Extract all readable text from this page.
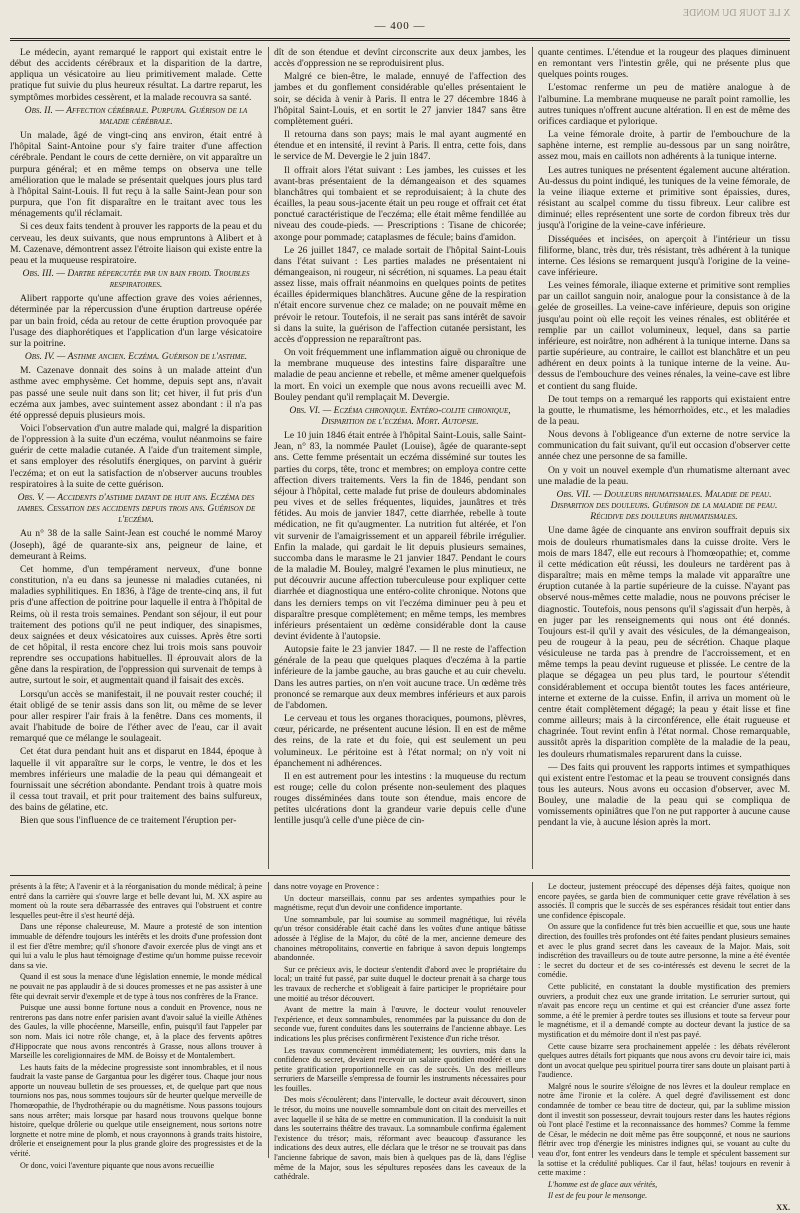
X LE TOUR DU MONDE
— 400 —

Le médecin, ayant remarqué le rapport qui existait entre le début des accidents cérébraux et la disparition de la dartre, appliqua un vésicatoire au lieu primitivement malade. Cette pratique fut suivie du plus heureux résultat. La dartre reparut, les symptômes morbides cessèrent, et la malade recouvra sa santé.

Obs. II. — Affection cérébrale. Purpura. Guérison de la maladie cérébrale.

Un malade, âgé de vingt-cinq ans environ, était entré à l'hôpital Saint-Antoine pour s'y faire traiter d'une affection cérébrale. Pendant le cours de cette dernière, on vit apparaître un purpura général; et en même temps on observa une telle amélioration que le malade se présentait quelques jours plus tard à l'hôpital Saint-Louis. Il fut reçu à la salle Saint-Jean pour son purpura, que l'on fit disparaître en le traitant avec tous les ménagements qu'il réclamait.

Si ces deux faits tendent à prouver les rapports de la peau et du cerveau, les deux suivants, que nous empruntons à Alibert et à M. Cazenave, démontrent assez l'étroite liaison qui existe entre la peau et la muqueuse respiratoire.

Obs. III. — Dartre répercutée par un bain froid. Troubles respiratoires.

Alibert rapporte qu'une affection grave des voies aériennes, déterminée par la répercussion d'une éruption dartreuse opérée par un bain froid, céda au retour de cette éruption provoquée par l'usage des diaphorétiques et l'application d'un large vésicatoire sur la poitrine.

Obs. IV. — Asthme ancien. Eczéma. Guérison de l'asthme.

M. Cazenave donnait des soins à un malade atteint d'un asthme avec emphysème. Cet homme, depuis sept ans, n'avait pas passé une seule nuit dans son lit; cet hiver, il fut pris d'un eczéma aux jambes, avec suintement assez abondant : il n'a pas été oppressé depuis plusieurs mois.

Voici l'observation d'un autre malade qui, malgré la disparition de l'oppression à la suite d'un eczéma, voulut néanmoins se faire guérir de cette maladie cutanée. A l'aide d'un traitement simple, et sans employer des résolutifs énergiques, on parvint à guérir l'eczéma; et on eut la satisfaction de n'observer aucuns troubles respiratoires à la suite de cette guérison.

Obs. V. — Accidents d'asthme datant de huit ans. Eczéma des jambes. Cessation des accidents depuis trois ans. Guérison de l'eczéma.

Au n° 38 de la salle Saint-Jean est couché le nommé Maroy (Joseph), âgé de quarante-six ans, peigneur de laine, et demeurant à Reims.

Cet homme, d'un tempérament nerveux, d'une bonne constitution, n'a eu dans sa jeunesse ni maladies cutanées, ni maladies syphilitiques. En 1836, à l'âge de trente-cinq ans, il fut pris d'une affection de poitrine pour laquelle il entra à l'hôpital de Reims, où il resta trois semaines. Pendant son séjour, il eut pour traitement des potions qu'il ne peut indiquer, des sinapismes, deux saignées et deux vésicatoires aux cuisses. Après être sorti de cet hôpital, il resta encore chez lui trois mois sans pouvoir reprendre ses occupations habituelles. Il éprouvait alors de la gêne dans la respiration, de l'oppression qui survenait de temps à autre, surtout le soir, et augmentait quand il faisait des excès.

Lorsqu'un accès se manifestait, il ne pouvait rester couché; il était obligé de se tenir assis dans son lit, ou même de se lever pour aller respirer l'air frais à la fenêtre. Dans ces moments, il avait l'habitude de boire de l'éther avec de l'eau, car il avait remarqué que ce mélange le soulageait.

Cet état dura pendant huit ans et disparut en 1844, époque à laquelle il vit apparaître sur le corps, le ventre, le dos et les membres inférieurs une maladie de la peau qui démangeait et fournissait une sécrétion abondante. Pendant trois à quatre mois il cessa tout travail, et prit pour traitement des bains sulfureux, des bains de gélatine, etc.

Bien que sous l'influence de ce traitement l'éruption per-

dît de son étendue et devînt circonscrite aux deux jambes, les accès d'oppression ne se reproduisirent plus.

Malgré ce bien-être, le malade, ennuyé de l'affection des jambes et du gonflement considérable qu'elles présentaient le soir, se décida à venir à Paris. Il entra le 27 décembre 1846 à l'hôpital Saint-Louis, et en sortit le 27 janvier 1847 sans être complètement guéri.

Il retourna dans son pays; mais le mal ayant augmenté en étendue et en intensité, il revint à Paris. Il entra, cette fois, dans le service de M. Devergie le 2 juin 1847.

Il offrait alors l'état suivant : Les jambes, les cuisses et les avant-bras présentaient de la démangeaison et des squames blanchâtres qui tombaient et se reproduisaient; à la chute des écailles, la peau sous-jacente était un peu rouge et offrait cet état ponctué caractéristique de l'eczéma; elle était même fendillée au niveau des coude-pieds. — Prescriptions : Tisane de chicorée; axonge pour pommade; cataplasmes de fécule; bains d'amidon.

Le 26 juillet 1847, ce malade sortait de l'hôpital Saint-Louis dans l'état suivant : Les parties malades ne présentaient ni démangeaison, ni rougeur, ni sécrétion, ni squames. La peau était assez lisse, mais offrait néanmoins en quelques points de petites écailles épidermiques blanchâtres. Aucune gêne de la respiration n'était encore survenue chez ce malade; on ne pouvait même en prévoir le retour. Toutefois, il ne serait pas sans intérêt de savoir si dans la suite, la guérison de l'affection cutanée persistant, les accès d'oppression ne reparaîtront pas.

On voit fréquemment une inflammation aiguë ou chronique de la membrane muqueuse des intestins faire disparaître une maladie de peau ancienne et rebelle, et même amener quelquefois la mort. En voici un exemple que nous avons recueilli avec M. Bouley pendant qu'il remplaçait M. Devergie.

Obs. VI. — Eczéma chronique. Entéro-colite chronique, Disparition de l'eczéma. Mort. Autopsie.

Le 10 juin 1846 était entrée à l'hôpital Saint-Louis, salle Saint-Jean, n° 83, la nommée Paulet (Louise), âgée de quarante-sept ans. Cette femme présentait un eczéma disséminé sur toutes les parties du corps, tête, tronc et membres; on employa contre cette affection divers traitements. Vers la fin de 1846, pendant son séjour à l'hôpital, cette malade fut prise de douleurs abdominales peu vives et de selles fréquentes, liquides, jaunâtres et très fétides. Au mois de janvier 1847, cette diarrhée, rebelle à toute médication, ne fit qu'augmenter. La nutrition fut altérée, et l'on vit survenir de l'amaigrissement et un appareil fébrile irrégulier. Enfin la malade, qui gardait le lit depuis plusieurs semaines, succomba dans le marasme le 21 janvier 1847. Pendant le cours de la maladie M. Bouley, malgré l'examen le plus minutieux, ne put découvrir aucune affection tuberculeuse pour expliquer cette diarrhée et diagnostiqua une entéro-colite chronique. Notons que dans les derniers temps on vit l'eczéma diminuer peu à peu et disparaître presque complètement; en même temps, les membres inférieurs présentaient un œdème considérable dont la cause devint évidente à l'autopsie.

Autopsie faite le 23 janvier 1847. — Il ne reste de l'affection générale de la peau que quelques plaques d'eczéma à la partie inférieure de la jambe gauche, au bras gauche et au cuir chevelu. Dans les autres parties, on n'en voit aucune trace. Un œdème très prononcé se remarque aux deux membres inférieurs et aux parois de l'abdomen.

Le cerveau et tous les organes thoraciques, poumons, plèvres, cœur, péricarde, ne présentent aucune lésion. Il en est de même des reins, de la rate et du foie, qui est seulement un peu volumineux. Le péritoine est à l'état normal; on n'y voit ni épanchement ni adhérences.

Il en est autrement pour les intestins : la muqueuse du rectum est rouge; celle du colon présente non-seulement des plaques rouges disséminées dans toute son étendue, mais encore de petites ulcérations dont la grandeur varie depuis celle d'une lentille jusqu'à celle d'une pièce de cin-

quante centimes. L'étendue et la rougeur des plaques diminuent en remontant vers l'intestin grêle, qui ne présente plus que quelques points rouges.

L'estomac renferme un peu de matière analogue à de l'albumine. La membrane muqueuse ne paraît point ramollie, les autres tuniques n'offrent aucune altération. Il en est de même des orifices cardiaque et pylorique.

La veine fémorale droite, à partir de l'embouchure de la saphène interne, est remplie au-dessous par un sang noirâtre, assez mou, mais en caillots non adhérents à la tunique interne.

Les autres tuniques ne présentent également aucune altération. Au-dessus du point indiqué, les tuniques de la veine fémorale, de la veine iliaque externe et primitive sont épaissies, dures, résistant au scalpel comme du tissu fibreux. Leur calibre est diminué; elles représentent une sorte de cordon fibreux très dur jusqu'à l'origine de la veine-cave inférieure.

Disséquées et incisées, on aperçoit à l'intérieur un tissu filiforme, blanc, très dur, très résistant, très adhérent à la tunique interne. Ces lésions se remarquent jusqu'à l'origine de la veine-cave inférieure.

Les veines fémorale, iliaque externe et primitive sont remplies par un caillot sanguin noir, analogue pour la consistance à de la gelée de groseilles. La veine-cave inférieure, depuis son origine jusqu'au point où elle reçoit les veines rénales, est oblitérée et remplie par un caillot volumineux, lequel, dans sa partie inférieure, est noirâtre, non adhérent à la tunique interne. Dans sa partie supérieure, au contraire, le caillot est blanchâtre et un peu adhérent en deux points à la tunique interne de la veine. Au-dessus de l'embouchure des veines rénales, la veine-cave est libre et contient du sang fluide.

De tout temps on a remarqué les rapports qui existaient entre la goutte, le rhumatisme, les hémorrhoïdes, etc., et les maladies de la peau.

Nous devons à l'obligeance d'un externe de notre service la communication du fait suivant, qu'il eut occasion d'observer cette année chez une personne de sa famille.

On y voit un nouvel exemple d'un rhumatisme alternant avec une maladie de la peau.

Obs. VII. — Douleurs rhumatismales. Maladie de peau. Disparition des douleurs. Guérison de la maladie de peau. Récidive des douleurs rhumatismales.

Une dame âgée de cinquante ans environ souffrait depuis six mois de douleurs rhumatismales dans la cuisse droite. Vers le mois de mars 1847, elle eut recours à l'homœopathie; et, comme il cette médication eût réussi, les douleurs ne tardèrent pas à disparaître; mais en même temps la malade vit apparaître une éruption cutanée à la partie supérieure de la cuisse. N'ayant pas observé nous-mêmes cette maladie, nous ne pouvons préciser le diagnostic. Toutefois, nous pensons qu'il s'agissait d'un herpès, à en juger par les renseignements qui nous ont été donnés. Toujours est-il qu'il y avait des vésicules, de la démangeaison, peu de rougeur à la peau, peu de sécrétion. Chaque plaque vésiculeuse ne tarda pas à prendre de l'accroissement, et en même temps la peau devint rugueuse et plissée. Le centre de la plaque se dégagea un peu plus tard, le pourtour s'étendit considérablement et occupa bientôt toutes les faces antérieure, interne et externe de la cuisse. Enfin, il arriva un moment où le centre était complètement dégagé; la peau y était lisse et fine comme ailleurs; mais à la circonférence, elle était rugueuse et chagrinée. Tout revint enfin à l'état normal. Chose remarquable, aussitôt après la disparition complète de la maladie de la peau, les douleurs rhumatismales reparurent dans la cuisse.

— Des faits qui prouvent les rapports intimes et sympathiques qui existent entre l'estomac et la peau se trouvent consignés dans tous les auteurs. Nous avons eu occasion d'observer, avec M. Bouley, une maladie de la peau qui se compliqua de vomissements opiniâtres que l'on ne put rapporter à aucune cause pendant la vie, à aucune lésion après la mort.

présents à la fête; A l'avenir et à la réorganisation du monde médical; à peine entré dans la carrière qui s'ouvre large et belle devant lui, M. XX aspire au moment où la route sera débarrassée des entraves qui l'obstruent et contre lesquelles peut-être il s'est heurté déjà.

Dans une réponse chaleureuse, M. Maure a protesté de son intention immuable de défendre toujours les intérêts et les droits d'une profession dont il est fier d'être membre; qu'il s'honore d'avoir exercée plus de vingt ans et qui lui a valu le plus haut témoignage d'estime qu'un homme puisse recevoir dans sa vie.

Quand il est sous la menace d'une législation ennemie, le monde médical ne pouvait ne pas applaudir à de si douces promesses et ne pas assister à une fête qui devrait servir d'exemple et de type à tous nos confrères de la France.

Puisque une aussi bonne fortune nous a conduit en Provence, nous ne rentrerons pas dans notre enfer parisien avant d'avoir salué la vieille Athènes des Gaules, la ville phocéenne, Marseille, enfin, puisqu'il faut l'appeler par son nom. Mais ici notre rôle change, et, à la place des fervents apôtres d'Hippocrate que nous avons rencontrés à Grasse, nous allons trouver à Marseille les coreligionnaires de MM. de Boissy et de Montalembert.

Les hauts faits de la médecine progressiste sont innombrables, et il nous faudrait la vaste panse de Gargantua pour les digérer tous. Chaque jour nous apporte un nouveau bulletin de ses prouesses, et, de quelque part que nous tournions nos pas, nous sommes toujours sûr de heurter quelque merveille de l'homœopathie, de l'hydrothérapie ou du magnétisme. Nous passons toujours sans nous arrêter; mais lorsque par hasard nous trouvons quelque bonne histoire, quelque drôlerie ou quelque utile enseignement, nous sortons notre lorgnette et notre mine de plomb, et nous crayonnons à grands traits histoire, drôlerie et enseignement pour la plus grande gloire des progressistes et de la vérité.

Or donc, voici l'aventure piquante que nous avons recueillie

dans notre voyage en Provence :

Un docteur marseillais, connu par ses ardentes sympathies pour le magnétisme, reçut d'un devoir une confidence importante.

Une somnambule, par lui soumise au sommeil magnétique, lui révéla qu'un trésor considérable était caché dans les voûtes d'une antique bâtisse adossée à l'église de la Major, du côté de la mer, ancienne demeure des chanoines métropolitains, convertie en fabrique à savon depuis longtemps abandonnée.

Sur ce précieux avis, le docteur s'entendit d'abord avec le propriétaire du local; un traité fut passé, par suite duquel le docteur prenait à sa charge tous les travaux de recherche et s'obligeait à faire participer le propriétaire pour une moitié au trésor découvert.

Avant de mettre la main à l'œuvre, le docteur voulut renouveler l'expérience, et deux somnambules, renommées par la puissance du don de seconde vue, furent conduites dans les souterrains de l'ancienne abbaye. Les indications les plus précises confirmèrent l'existence d'un riche trésor.

Les travaux commencèrent immédiatement; les ouvriers, mis dans la confidence du secret, devaient recevoir un salaire quotidien modéré et une petite gratification proportionnelle en cas de succès. Un des meilleurs serruriers de Marseille s'empressa de fournir les instruments nécessaires pour les fouilles.

Des mois s'écoulèrent; dans l'intervalle, le docteur avait découvert, sinon le trésor, du moins une nouvelle somnambule dont on citait des merveilles et avec laquelle il se hâta de se mettre en communication. Il la conduisit la nuit dans les souterrains théâtre des travaux. La somnambule confirma également l'existence du trésor; mais, réformant avec beaucoup d'assurance les indications des deux autres, elle déclara que le trésor ne se trouvait pas dans l'ancienne fabrique de savon, mais bien à quelques pas de là, dans l'église même de la Major, sous les sépultures reposées dans les caveaux de la cathédrale.

Le docteur, justement préoccupé des dépenses déjà faites, quoique non encore payées, se garda bien de communiquer cette grave révélation à ses associés. Il compris que le succès de ses espérances résidait tout entier dans une confidence épiscopale.

On assure que la confidence fut très bien accueillie et que, sous une haute direction, des fouilles très profondes ont été faites pendant plusieurs semaines et avec le plus grand secret dans les caveaux de la Major. Mais, soit indiscrétion des travailleurs ou de toute autre personne, la mine a été éventée : le secret du docteur et de ses co-intéressés est devenu le secret de la comédie.

Cette publicité, en constatant la double mystification des premiers ouvriers, a produit chez eux une grande irritation. Le serrurier surtout, qui n'avait pas encore reçu un centime et qui est créancier d'une assez forte somme, a été le premier à perdre toutes ses illusions et toute sa ferveur pour le magnétisme, et il a demandé compte au docteur devant la justice de sa mystification et du mémoire dont il n'est pas payé.

Cette cause bizarre sera prochainement appelée : les débats révéleront quelques autres détails fort piquants que nous avons cru devoir taire ici, mais dont un avocat quelque peu spirituel pourra tirer sans doute un plaisant parti à l'audience.

Malgré nous le sourire s'éloigne de nos lèvres et la douleur remplace en notre âme l'ironie et la colère. A quel degré d'avilissement est donc condamnée de tomber ce beau titre de docteur, qui, par la sublime mission dont il investit son possesseur, devrait toujours rester dans les hautes régions où l'ont placé l'estime et la reconnaissance des hommes? Comme la femme de César, le médecin ne doit même pas être soupçonné, et nous ne saurions flétrir avec trop d'énergie les ministres indignes qui, se vouant au culte du veau d'or, font entrer les vendeurs dans le temple et spéculent bassement sur la sottise et la crédulité publiques. Car il faut, hélas! toujours en revenir à cette maxime :

L'homme est de glace aux vérités,

Il est de feu pour le mensonge.

XX.
